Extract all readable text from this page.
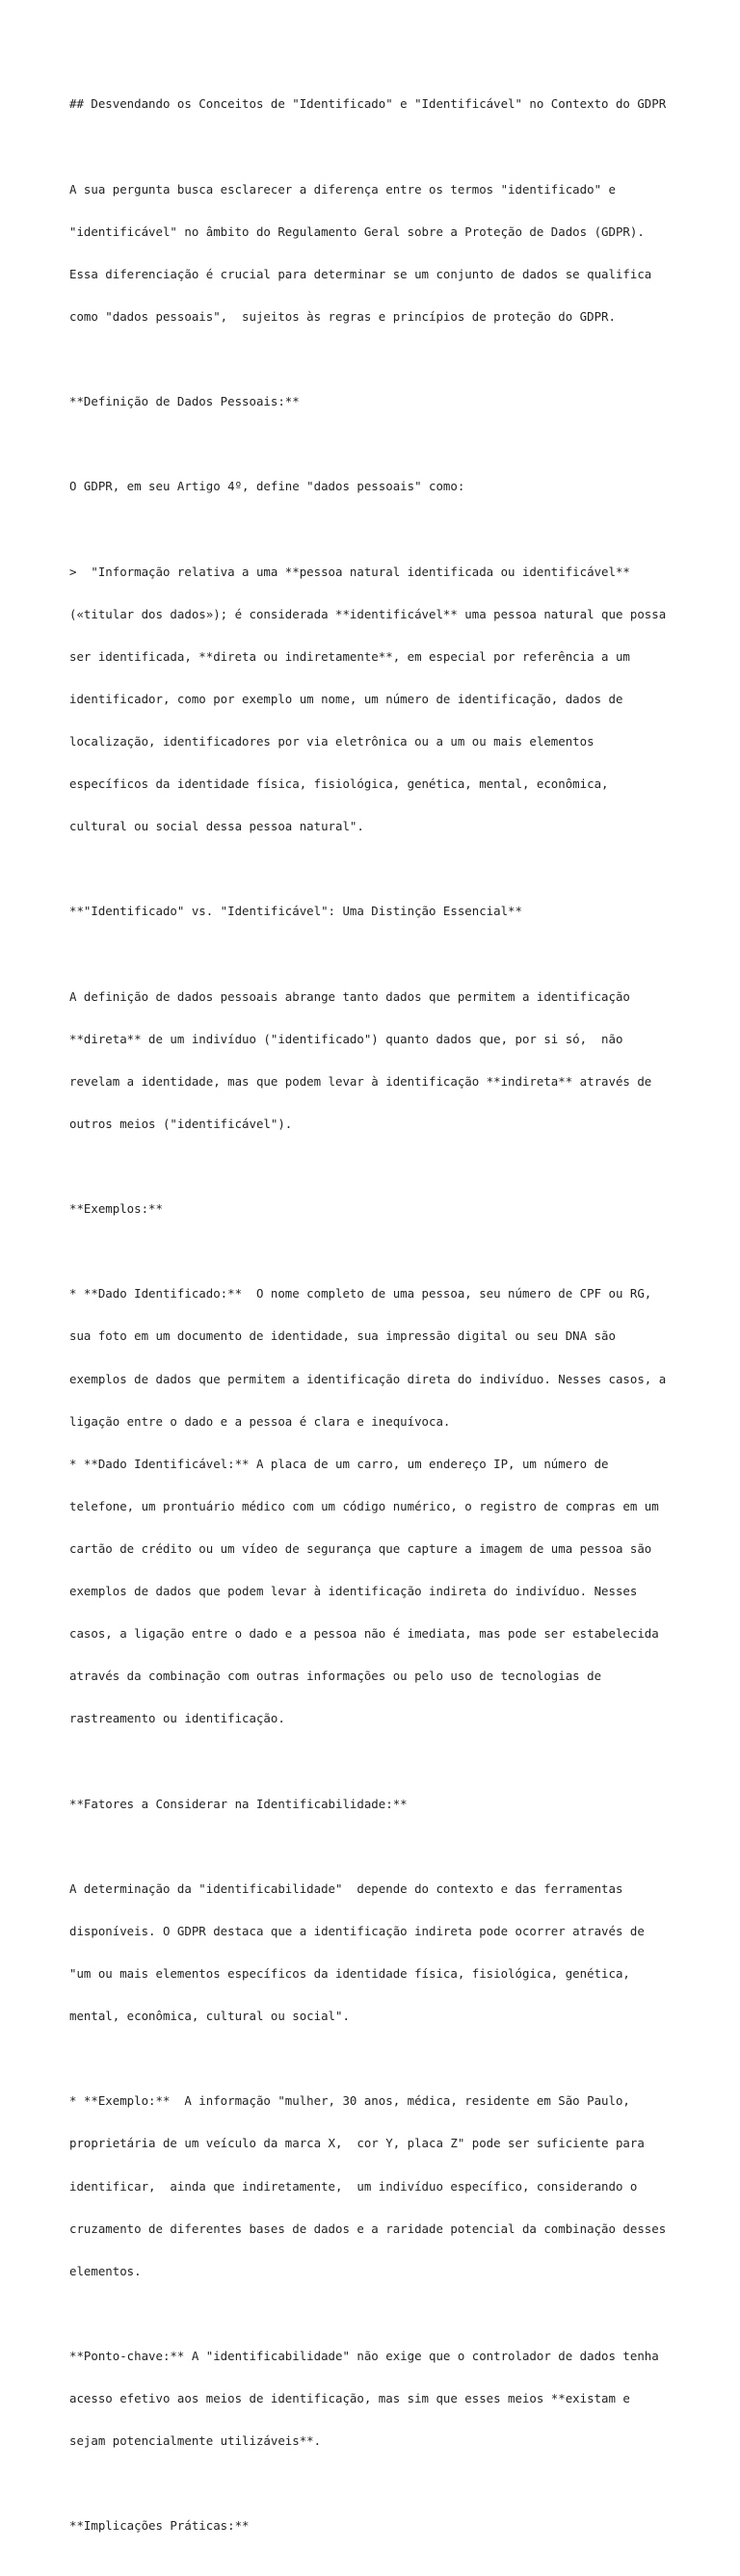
## Desvendando os Conceitos de "Identificado" e "Identificável" no Contexto do GDPR

A sua pergunta busca esclarecer a diferença entre os termos "identificado" e

"identificável" no âmbito do Regulamento Geral sobre a Proteção de Dados (GDPR).

Essa diferenciação é crucial para determinar se um conjunto de dados se qualifica

como "dados pessoais",  sujeitos às regras e princípios de proteção do GDPR.

**Definição de Dados Pessoais:**

O GDPR, em seu Artigo 4º, define "dados pessoais" como:

>  "Informação relativa a uma **pessoa natural identificada ou identificável**

(«titular dos dados»); é considerada **identificável** uma pessoa natural que possa

ser identificada, **direta ou indiretamente**, em especial por referência a um

identificador, como por exemplo um nome, um número de identificação, dados de

localização, identificadores por via eletrônica ou a um ou mais elementos

específicos da identidade física, fisiológica, genética, mental, econômica,

cultural ou social dessa pessoa natural".

**"Identificado" vs. "Identificável": Uma Distinção Essencial**

A definição de dados pessoais abrange tanto dados que permitem a identificação

**direta** de um indivíduo ("identificado") quanto dados que, por si só,  não

revelam a identidade, mas que podem levar à identificação **indireta** através de

outros meios ("identificável").

**Exemplos:**

* **Dado Identificado:**  O nome completo de uma pessoa, seu número de CPF ou RG,

sua foto em um documento de identidade, sua impressão digital ou seu DNA são

exemplos de dados que permitem a identificação direta do indivíduo. Nesses casos, a

ligação entre o dado e a pessoa é clara e inequívoca.

* **Dado Identificável:** A placa de um carro, um endereço IP, um número de

telefone, um prontuário médico com um código numérico, o registro de compras em um

cartão de crédito ou um vídeo de segurança que capture a imagem de uma pessoa são

exemplos de dados que podem levar à identificação indireta do indivíduo. Nesses

casos, a ligação entre o dado e a pessoa não é imediata, mas pode ser estabelecida

através da combinação com outras informações ou pelo uso de tecnologias de

rastreamento ou identificação.

**Fatores a Considerar na Identificabilidade:**

A determinação da "identificabilidade"  depende do contexto e das ferramentas

disponíveis. O GDPR destaca que a identificação indireta pode ocorrer através de

"um ou mais elementos específicos da identidade física, fisiológica, genética,

mental, econômica, cultural ou social".

* **Exemplo:**  A informação "mulher, 30 anos, médica, residente em São Paulo,

proprietária de um veículo da marca X,  cor Y, placa Z" pode ser suficiente para

identificar,  ainda que indiretamente,  um indivíduo específico, considerando o

cruzamento de diferentes bases de dados e a raridade potencial da combinação desses

elementos.

**Ponto-chave:** A "identificabilidade" não exige que o controlador de dados tenha

acesso efetivo aos meios de identificação, mas sim que esses meios **existam e

sejam potencialmente utilizáveis**.

**Implicações Práticas:**
